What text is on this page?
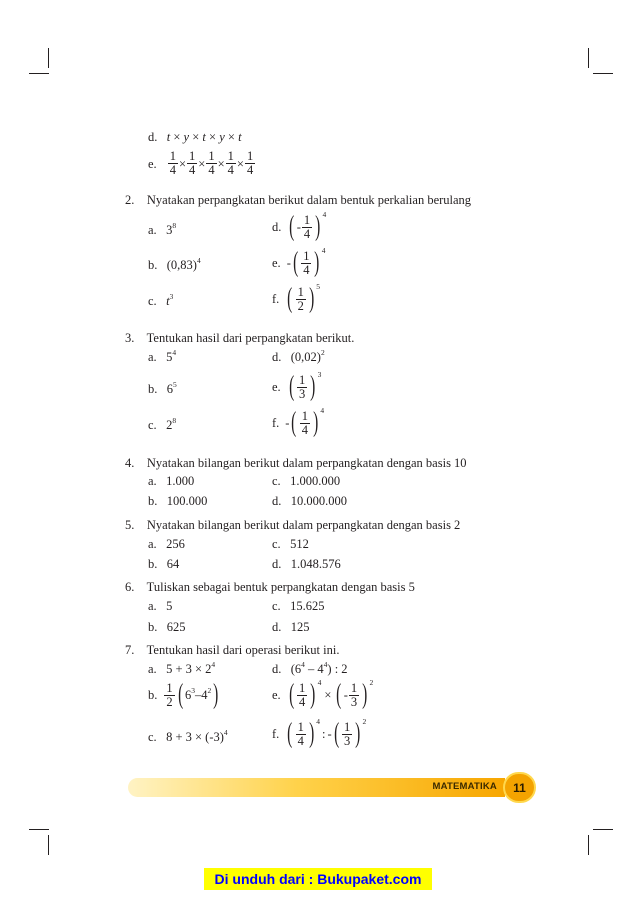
d. t × y × t × y × t
e. $\frac{1}{4} \times \frac{1}{4} \times \frac{1}{4} \times \frac{1}{4} \times \frac{1}{4}$
2. Nyatakan perpangkatan berikut dalam bentuk perkalian berulang
a. $3^8$
b. $(0,83)^4$
c. $t^3$
d. ( - $\frac{1}{4}$ ) 4
e. - ( $\frac{1}{4}$ ) 4
f. ( $\frac{1}{2}$ ) 5
3. Tentukan hasil dari perpangkatan berikut.
a. $5^4$
b. $6^5$
c. $2^8$
d. $(0,02)^2$
e. ( $\frac{1}{3}$ ) 3
f. - ( $\frac{1}{4}$ ) 4
4. Nyatakan bilangan berikut dalam perpangkatan dengan basis 10
a. 1.000
b. 100.000
c. 1.000.000
d. 10.000.000
5. Nyatakan bilangan berikut dalam perpangkatan dengan basis 2
a. 256
b. 64
c. 512
d. 1.048.576
6. Tuliskan sebagai bentuk perpangkatan dengan basis 5
a. 5
b. 625
c. 15.625
d. 125
7. Tentukan hasil dari operasi berikut ini.
a. $5 + 3 \times 2^4$
b. $\frac{1}{2}$ ( 6 3 – 4 2 )
c. $8 + 3 \times (-3)^4$
d. $(6^4 - 4^4)$ : 2
e. ( $\frac{1}{4}$ ) 4
× ( - $\frac{1}{3}$ ) 2
f. ( $\frac{1}{4}$ ) 4
: - ( $\frac{1}{3}$ ) 2
MATEMATIKA 11
Di unduh dari : Bukupaket.com
